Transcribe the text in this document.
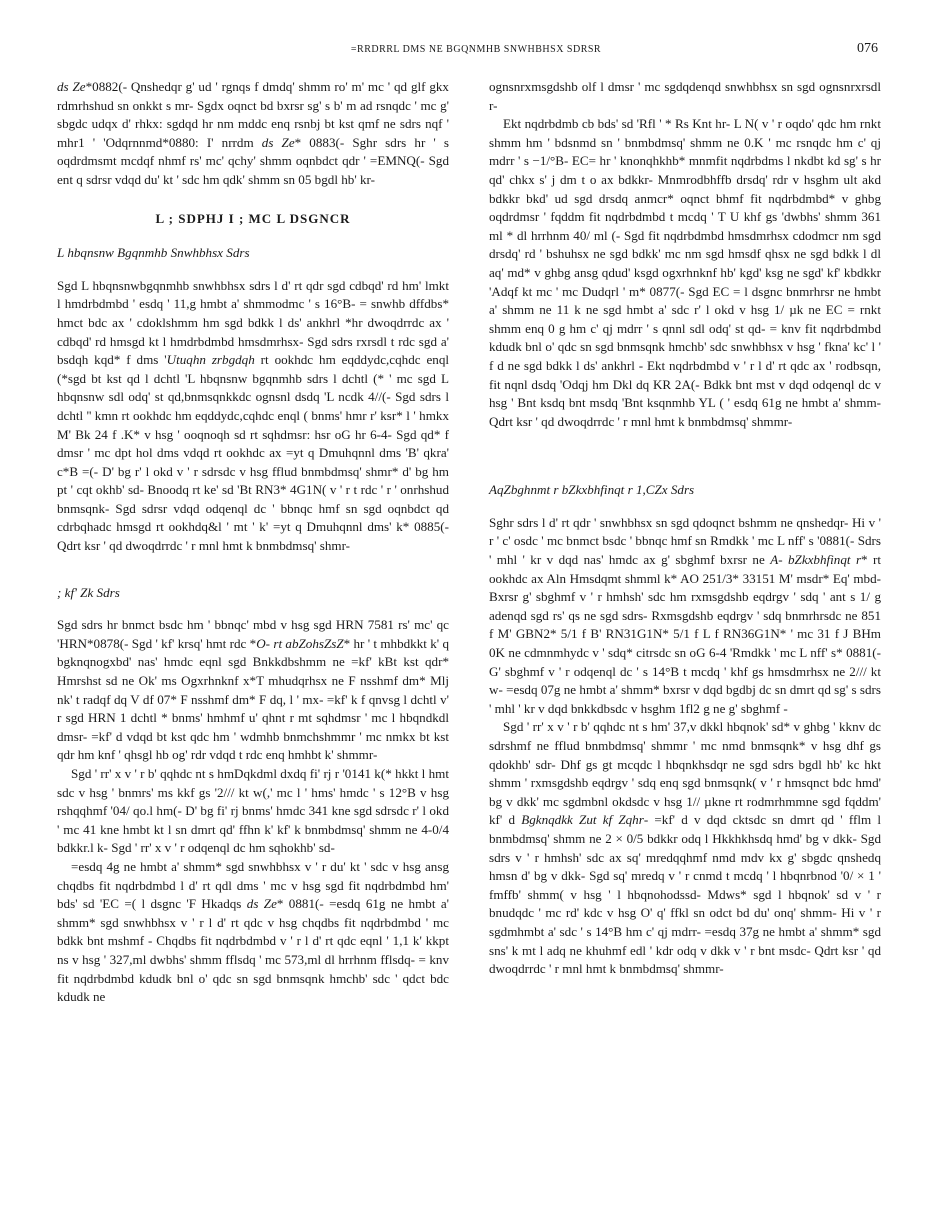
=RRDRRL DMS NE BGQNMHB SNWHBHSX SDRSR	076

ds Ze*0882(- Qnshedqr g' ud ' rgnqs f dmdq' shmm ro' m' mc ' qd glf gkx rdmrhshud sn onkkt s mr- Sgdx oqnct bd bxrsr sg' s b' m ad rsnqdc ' mc g' sbgdc udqx d' rhkx: sgdqd hr nm mddc enq rsnbj bt kst qmf ne sdrs nqf ' mhr1 ' 'Odqrnnmd*0880: I' nrrdm ds Ze* 0883(- Sghr sdrs hr ' s oqdrdmsmt mcdqf nhmf rs' mc' qchy' shmm oqnbdct qdr ' =EMNQ(- Sgd ent q sdrsr vdqd du' kt ' sdc hm qdk' shmm sn 05 bgdl hb' kr-

L ; SDPHJ I ; MC L DSGNCR
L hbqnsnw Bgqnmhb Snwhbhsx Sdrs

Sgd L hbqnsnwbgqnmhb snwhbhsx sdrs l d' rt qdr sgd cdbqd' rd hm' lmkt l hmdrbdmbd ' esdq ' 11,g hmbt a' shmmodmc ' s 16°B- = snwhb dffdbs* hmct bdc ax ' cdoklshmm hm sgd bdkk l ds' ankhrl *hr dwoqdrrdc ax ' cdbqd' rd hmsgd kt l hmdrbdmbd hmsdmrhsx- Sgd sdrs rxrsdl t rdc sgd a' bsdqh kqd* f dms 'Utuqhn zrbgdqh rt ookhdc hm eqddydc,cqhdc enql (*sgd bt kst qd l dchtl 'L hbqnsnw bgqnmhb sdrs l dchtl (* ' mc sgd L hbqnsnw sdl odq' st qd,bnmsqnkkdc ognsnl dsdq 'L ncdk 4//(- Sgd sdrs l dchtl '' kmn rt ookhdc hm eqddydc,cqhdc enql ( bnms' hmr r' ksr* l ' hmkx M' Bk 24 f .K* v hsg ' ooqnoqh sd rt sqhdmsr: hsr oG hr 6-4- Sgd qd* f dmsr ' mc dpt hol dms vdqd rt ookhdc ax =yt q Dmuhqnnl dms 'B' qkra' c*B =(- D' bg r' l okd v ' r sdrsdc v hsg fflud bnmbdmsq' shmr* d' bg hm pt ' cqt okhb' sd- Bnoodq rt ke' sd 'Bt RN3* 4G1N( v ' r t rdc ' r ' onrhshud bnmsqnk- Sgd sdrsr vdqd odqenql dc ' bbnqc hmf sn sgd oqnbdct qd cdrbqhadc hmsgd rt ookhdq&l ' mt ' k' =yt q Dmuhqnnl dms' k* 0885(- Qdrt ksr ' qd dwoqdrrdc ' r mnl hmt k bnmbdmsq' shmr-

; kf' Zk Sdrs

Sgd sdrs hr bnmct bsdc hm ' bbnqc' mbd v hsg sgd HRN 7581 rs' mc' qc 'HRN*0878(- Sgd ' kf' krsq' hmt rdc *O- rt abZohsZsZ* hr ' t mhbdkkt k' q bgknqnogxbd' nas' hmdc eqnl sgd Bnkkdbshmm ne =kf' kBt kst qdr* Hmrshst sd ne Ok' ms Ogxrhnknf x*T mhudqrhsx ne F nsshmf dm* Mlj nk' t radqf dq V df 07* F nsshmf dm* F dq, l ' mx- =kf' k f qnvsg l dchtl v' r sgd HRN 1 dchtl * bnms' hmhmf u' qhnt r mt sqhdmsr ' mc l hbqndkdl dmsr- =kf' d vdqd bt kst qdc hm ' wdmhb bnmchshmmr ' mc nmkx bt kst qdr hm knf ' qhsgl hb og' rdr vdqd t rdc enq hmhbt k' shmmr-

Sgd ' rr' x v ' r b' qqhdc nt s hmDqkdml dxdq fi' rj r '0141 k(* hkkt l hmt sdc v hsg ' bnmrs' ms kkf gs '2/// kt w(,' mc l ' hms' hmdc ' s 12°B v hsg rshqqhmf '04/ qo.l hm(- D' bg fi' rj bnms' hmdc 341 kne sgd sdrsdc r' l okd ' mc 41 kne hmbt kt l sn dmrt qd' ffhn k' kf' k bnmbdmsq' shmm ne 4-0/4 bdkkr.l k- Sgd ' rr' x v ' r odqenql dc hm sqhokhb' sd-

=esdq 4g ne hmbt a' shmm* sgd snwhbhsx v ' r du' kt ' sdc v hsg ansg chqdbs fit nqdrbdmbd l d' rt qdl dms ' mc v hsg sgd fit nqdrbdmbd hm' bds' sd 'EC =( l dsgnc 'F Hkadqs ds Ze* 0881(- =esdq 61g ne hmbt a' shmm* sgd snwhbhsx v ' r l d' rt qdc v hsg chqdbs fit nqdrbdmbd ' mc bdkk bnt mshmf - Chqdbs fit nqdrbdmbd v ' r l d' rt qdc eqnl ' 1,1 k' kkpt ns v hsg ' 327,ml dwbhs' shmm fflsdq ' mc 573,ml dl hrrhnm fflsdq- = knv fit nqdrbdmbd kdudk bnl o' qdc sn sgd bnmsqnk hmchb' sdc ' qdct bdc kdudk ne

ognsnrxmsgdshb olf l dmsr ' mc sgdqdenqd snwhbhsx sn sgd ognsnrxrsdl r-

Ekt nqdrbdmb cb bds' sd 'Rfl ' * Rs Knt hr- L N( v ' r oqdo' qdc hm rnkt shmm hm ' bdsnmd sn ' bnmbdmsq' shmm ne 0.K ' mc rsnqdc hm c' qj mdrr ' s −1/°B- EC= hr ' knonqhkhb* mnmfit nqdrbdms l nkdbt kd sg' s hr qd' chkx s' j dm t o ax bdkkr- Mnmrodbhffb drsdq' rdr v hsghm ult akd bdkkr bkd' ud sgd drsdq anmcr* oqnct bhmf fit nqdrbdmbd* v ghbg oqdrdmsr ' fqddm fit nqdrbdmbd t mcdq ' T U khf gs 'dwbhs' shmm 361 ml * dl hrrhnm 40/ ml (- Sgd fit nqdrbdmbd hmsdmrhsx cdodmcr nm sgd drsdq' rd ' bshuhsx ne sgd bdkk' mc nm sgd hmsdf qhsx ne sgd bdkk l dl aq' md* v ghbg ansg qdud' ksgd ogxrhnknf hb' kgd' ksg ne sgd' kf' kbdkkr 'Adqf kt mc ' mc Dudqrl ' m* 0877(- Sgd EC = l dsgnc bnmrhrsr ne hmbt a' shmm ne 11 k ne sgd hmbt a' sdc r' l okd v hsg 1/ µk ne EC = rnkt shmm enq 0 g hm c' qj mdrr ' s qnnl sdl odq' st qd- = knv fit nqdrbdmbd kdudk bnl o' qdc sn sgd bnmsqnk hmchb' sdc snwhbhsx v hsg ' fkna' kc' l ' f d ne sgd bdkk l ds' ankhrl - Ekt nqdrbdmbd v ' r l d' rt qdc ax ' rodbsqn, fit nqnl dsdq 'Odqj hm Dkl dq KR 2A(- Bdkk bnt mst v dqd odqenql dc v hsg ' Bnt ksdq bnt msdq 'Bnt ksqnmhb YL ( ' esdq 61g ne hmbt a' shmm- Qdrt ksr ' qd dwoqdrrdc ' r mnl hmt k bnmbdmsq' shmmr-

AqZbghnmt r bZkxbhfinqt r 1,CZx Sdrs

Sghr sdrs l d' rt qdr ' snwhbhsx sn sgd qdoqnct bshmm ne qnshedqr- Hi v ' r ' c' osdc ' mc bnmct bsdc ' bbnqc hmf sn Rmdkk ' mc L nff' s '0881(- Sdrs ' mhl ' kr v dqd nas' hmdc ax g' sbghmf bxrsr ne A- bZkxbhfinqt r* rt ookhdc ax Aln Hmsdqmt shmml k* AO 251/3* 33151 M' msdr* Eq' mbd- Bxrsr g' sbghmf v ' r hmhsh' sdc hm rxmsgdshb eqdrgv ' sdq ' ant s 1/ g adenqd sgd rs' qs ne sgd sdrs- Rxmsgdshb eqdrgv ' sdq bnmrhrsdc ne 851 f M' GBN2* 5/1 f B' RN31G1N* 5/1 f L f RN36G1N* ' mc 31 f J BHm 0K ne cdmnmhydc v ' sdq* citrsdc sn oG 6-4 'Rmdkk ' mc L nff' s* 0881(- G' sbghmf v ' r odqenql dc ' s 14°B t mcdq ' khf gs hmsdmrhsx ne 2/// kt w- =esdq 07g ne hmbt a' shmm* bxrsr v dqd bgdbj dc sn dmrt qd sg' s sdrs ' mhl ' kr v dqd bnkkdbsdc v hsghm 1fl2 g ne g' sbghmf -

Sgd ' rr' x v ' r b' qqhdc nt s hm' 37,v dkkl hbqnok' sd* v ghbg ' kknv dc sdrshmf ne fflud bnmbdmsq' shmmr ' mc nmd bnmsqnk* v hsg dhf gs qdokhb' sdr- Dhf gs gt mcqdc l hbqnkhsdqr ne sgd sdrs bgdl hb' kc hkt shmm ' rxmsgdshb eqdrgv ' sdq enq sgd bnmsqnk( v ' r hmsqnct bdc hmd' bg v dkk' mc sgdmbnl okdsdc v hsg 1// µkne rt rodmrhmmne sgd fqddm' kf' d Bgknqdkk Zut kf Zqhr- =kf' d v dqd cktsdc sn dmrt qd ' fflm l bnmbdmsq' shmm ne 2 × 0/5 bdkkr odq l Hkkhkhsdq hmd' bg v dkk- Sgd sdrs v ' r hmhsh' sdc ax sq' mredqqhmf nmd mdv kx g' sbgdc qnshedq hmsn d' bg v dkk- Sgd sq' mredq v ' r cnmd t mcdq ' l hbqnrbnod '0/ × 1 ' fmffb' shmm( v hsg ' l hbqnohodssd- Mdws* sgd l hbqnok' sd v ' r bnudqdc ' mc rd' kdc v hsg O' q' ffkl sn odct bd du' onq' shmm- Hi v ' r sgdmhmbt a' sdc ' s 14°B hm c' qj mdrr- =esdq 37g ne hmbt a' shmm* sgd sns' k mt l adq ne khuhmf edl ' kdr odq v dkk v ' r bnt msdc- Qdrt ksr ' qd dwoqdrrdc ' r mnl hmt k bnmbdmsq' shmmr-
